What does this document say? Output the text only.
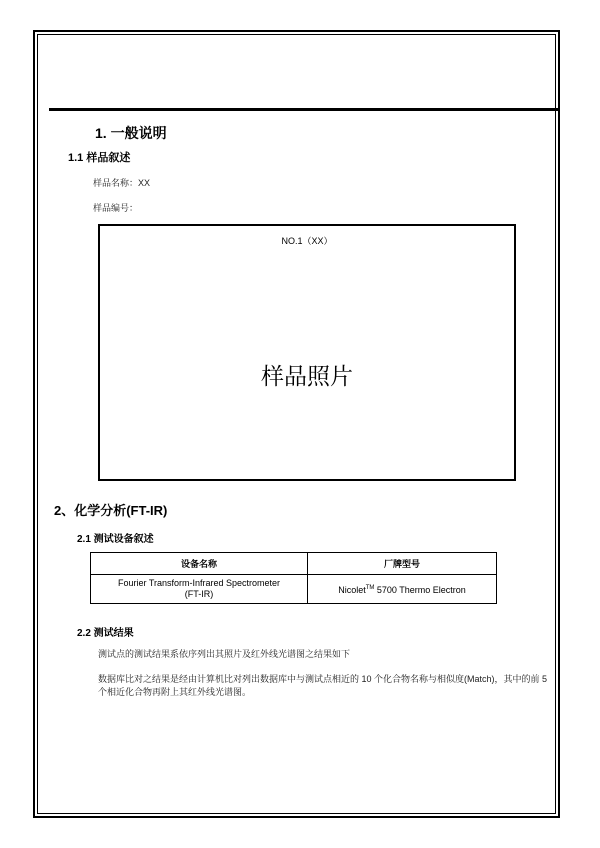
1. 一般说明
1.1 样品叙述
样品名称：XX
样品编号：
NO.1（XX）
样品照片
2、化学分析(FT-IR)
2.1 测试设备叙述
设备名称	厂牌型号
Fourier Transform-Infrared Spectrometer
(FT-IR)	Nicolet™ 5700 Thermo Electron
2.2 测试结果
测试点的测试结果系依序列出其照片及红外线光谱图之结果如下
数据库比对之结果是经由计算机比对列出数据库中与测试点相近的 10 个化合物名称与相似度(Match)，其中的前 5 个相近化合物再附上其红外线光谱图。
